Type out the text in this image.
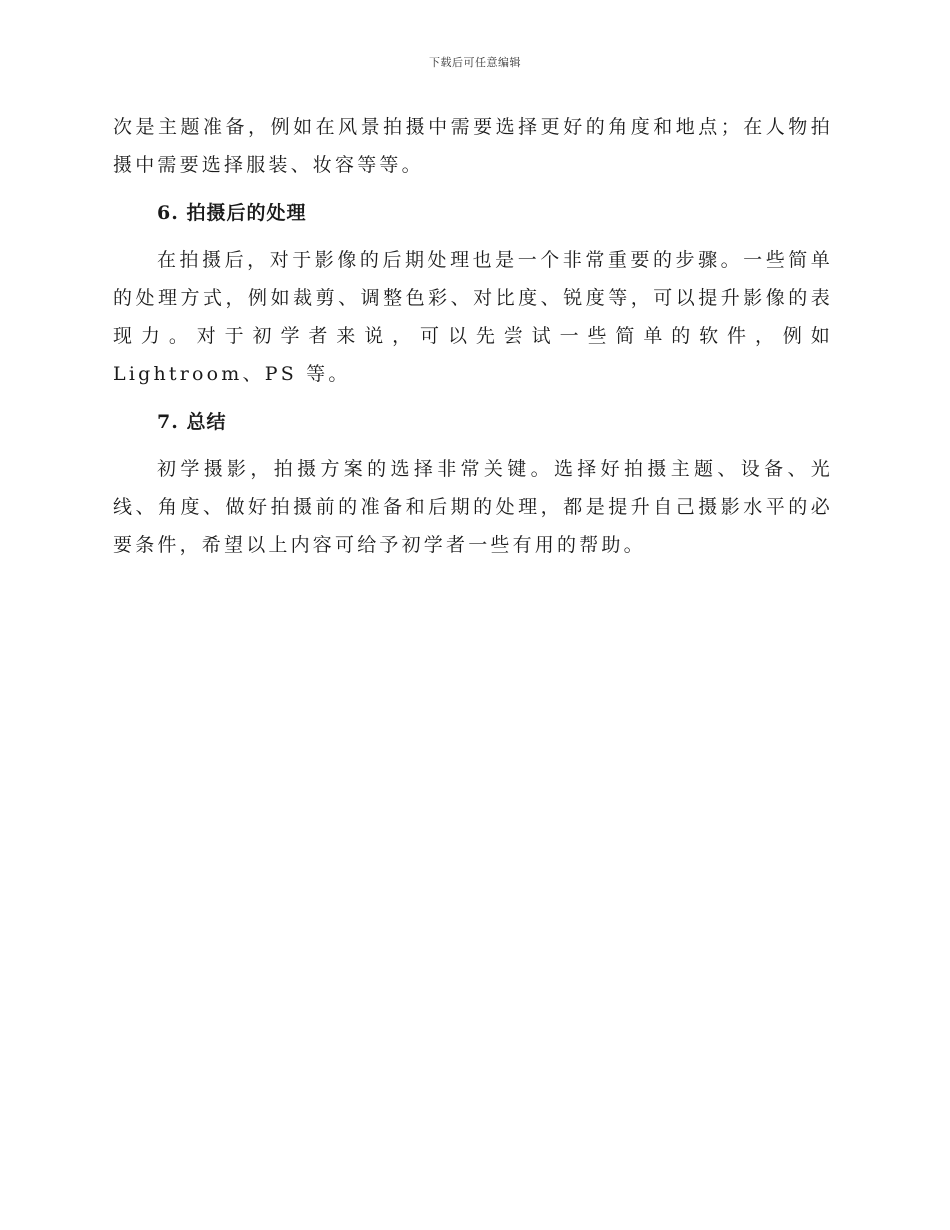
下载后可任意编辑

次是主题准备，例如在风景拍摄中需要选择更好的角度和地点；在人物拍摄中需要选择服装、妆容等等。

6. 拍摄后的处理

在拍摄后，对于影像的后期处理也是一个非常重要的步骤。一些简单的处理方式，例如裁剪、调整色彩、对比度、锐度等，可以提升影像的表现力。对于初学者来说，可以先尝试一些简单的软件，例如 Lightroom、PS 等。

7. 总结

初学摄影，拍摄方案的选择非常关键。选择好拍摄主题、设备、光线、角度、做好拍摄前的准备和后期的处理，都是提升自己摄影水平的必要条件，希望以上内容可给予初学者一些有用的帮助。
